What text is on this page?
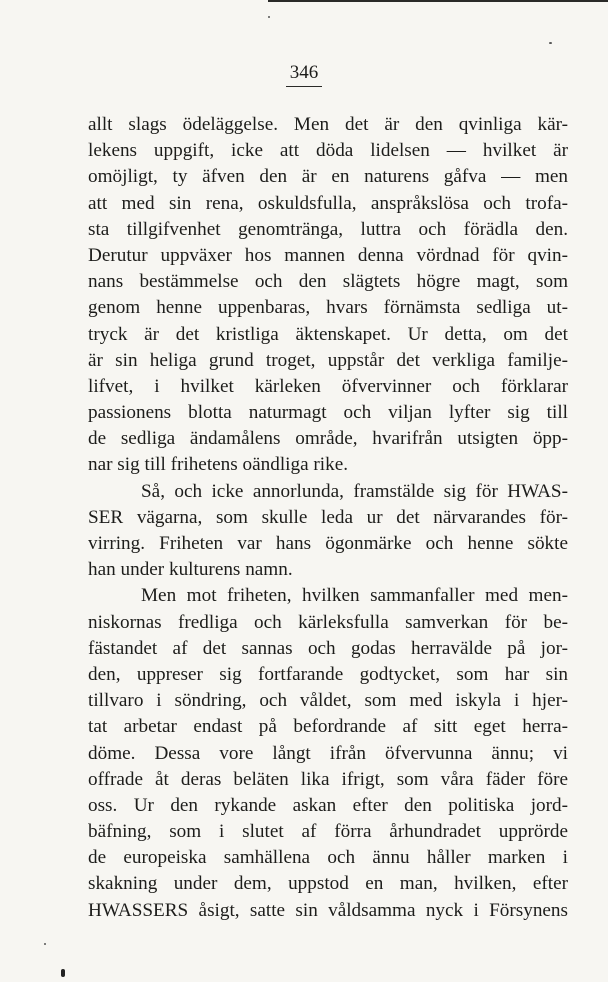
346
allt slags ödeläggelse. Men det är den qvinliga kär-
lekens uppgift, icke att döda lidelsen — hvilket är
omöjligt, ty äfven den är en naturens gåfva — men
att med sin rena, oskuldsfulla, anspråkslösa och trofa-
sta tillgifvenhet genomtränga, luttra och förädla den.
Derutur uppväxer hos mannen denna vördnad för qvin-
nans bestämmelse och den slägtets högre magt, som
genom henne uppenbaras, hvars förnämsta sedliga ut-
tryck är det kristliga äktenskapet. Ur detta, om det
är sin heliga grund troget, uppstår det verkliga familje-
lifvet, i hvilket kärleken öfvervinner och förklarar
passionens blotta naturmagt och viljan lyfter sig till
de sedliga ändamålens område, hvarifrån utsigten öpp-
nar sig till frihetens oändliga rike.
Så, och icke annorlunda, framstälde sig för HWAS-
SER vägarna, som skulle leda ur det närvarandes för-
virring. Friheten var hans ögonmärke och henne sökte
han under kulturens namn.
Men mot friheten, hvilken sammanfaller med men-
niskornas fredliga och kärleksfulla samverkan för be-
fästandet af det sannas och godas herravälde på jor-
den, uppreser sig fortfarande godtycket, som har sin
tillvaro i söndring, och våldet, som med iskyla i hjer-
tat arbetar endast på befordrande af sitt eget herra-
döme. Dessa vore långt ifrån öfvervunna ännu; vi
offrade åt deras beläten lika ifrigt, som våra fäder före
oss. Ur den rykande askan efter den politiska jord-
bäfning, som i slutet af förra århundradet upprörde
de europeiska samhällena och ännu håller marken i
skakning under dem, uppstod en man, hvilken, efter
HWASSERS åsigt, satte sin våldsamma nyck i Försynens
